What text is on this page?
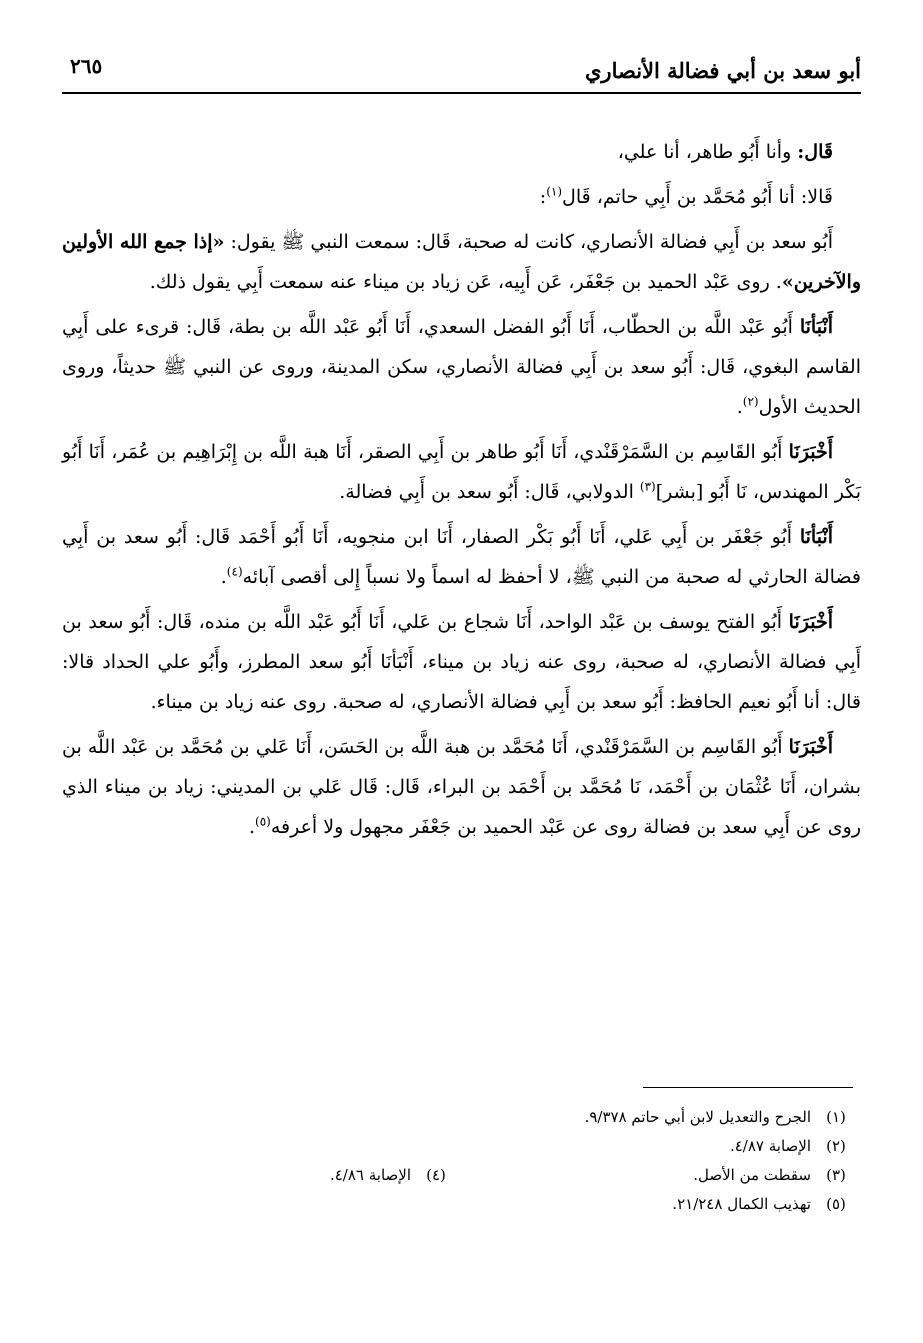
أبو سعد بن أبي فضالة الأنصاري
٢٦٥

قَال: وأنا أَبُو طاهر، أنا علي،

قَالا: أنا أَبُو مُحَمَّد بن أَبِي حاتم، قَال$^{(١)}$:

أَبُو سعد بن أَبِي فضالة الأنصاري، كانت له صحبة، قَال: سمعت النبي ﷺ يقول: «إذا جمع الله الأولين والآخرين». روى عَبْد الحميد بن جَعْفَر، عَن أَبِيه، عَن زياد بن ميناء عنه سمعت أَبِي يقول ذلك.

أَنْبَأنَا أَبُو عَبْد اللَّه بن الحطّاب، أَنَا أَبُو الفضل السعدي، أَنَا أَبُو عَبْد اللَّه بن بطة، قَال: قرىء على أَبِي القاسم البغوي، قَال: أَبُو سعد بن أَبِي فضالة الأنصاري، سكن المدينة، وروى عن النبي ﷺ حديثاً، وروى الحديث الأول$^{(٢)}$.

أَخْبَرَنَا أَبُو القَاسِم بن السَّمَرْقَنْدي، أَنَا أَبُو طاهر بن أَبِي الصقر، أَنَا هبة اللَّه بن إِبْرَاهِيم بن عُمَر، أَنَا أَبُو بَكْر المهندس، نَا أَبُو [بشر]$^{(٣)}$ الدولابي، قَال: أَبُو سعد بن أَبِي فضالة.

أَنْبَأنَا أَبُو جَعْفَر بن أَبِي عَلي، أَنَا أَبُو بَكْر الصفار، أَنَا ابن منجويه، أَنَا أَبُو أَحْمَد قَال: أَبُو سعد بن أَبِي فضالة الحارثي له صحبة من النبي ﷺ، لا أحفظ له اسماً ولا نسباً إِلى أقصى آبائه$^{(٤)}$.

أَخْبَرَنَا أَبُو الفتح يوسف بن عَبْد الواحد، أَنَا شجاع بن عَلي، أَنَا أَبُو عَبْد اللَّه بن منده، قَال: أَبُو سعد بن أَبِي فضالة الأنصاري، له صحبة، روى عنه زياد بن ميناء، أَنْبَأنَا أَبُو سعد المطرز، وأَبُو علي الحداد قالا: قال: أنا أَبُو نعيم الحافظ: أَبُو سعد بن أَبِي فضالة الأنصاري، له صحبة. روى عنه زياد بن ميناء.

أَخْبَرَنَا أَبُو القَاسِم بن السَّمَرْقَنْدي، أَنَا مُحَمَّد بن هبة اللَّه بن الحَسَن، أَنَا عَلي بن مُحَمَّد بن عَبْد اللَّه بن بشران، أَنَا عُثْمَان بن أَحْمَد، نَا مُحَمَّد بن أَحْمَد بن البراء، قَال: قَال عَلي بن المديني: زياد بن ميناء الذي روى عن أَبِي سعد بن فضالة روى عن عَبْد الحميد بن جَعْفَر مجهول ولا أعرفه$^{(٥)}$.

(١)الجرح والتعديل لابن أبي حاتم ٩/٣٧٨.
(٢)الإصابة ٤/٨٧.
(٣)سقطت من الأصل.
(٤)الإصابة ٤/٨٦.
(٥)تهذيب الكمال ٢١/٢٤٨.
